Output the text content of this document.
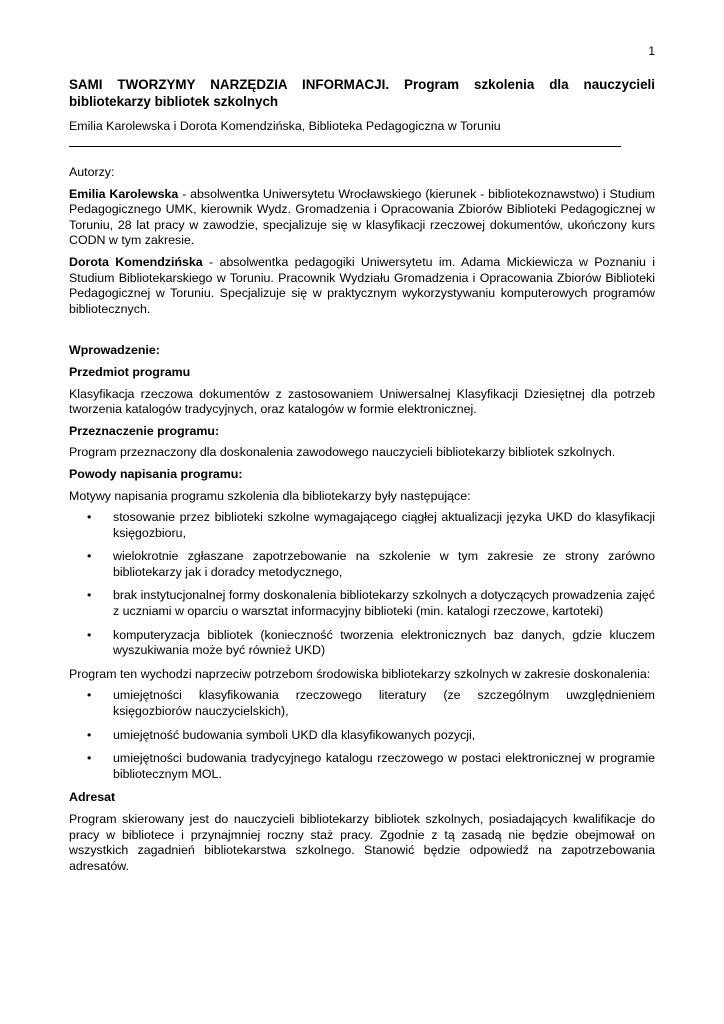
1
SAMI TWORZYMY NARZĘDZIA INFORMACJI. Program szkolenia dla nauczycieli bibliotekarzy bibliotek szkolnych
Emilia Karolewska i Dorota Komendzińska, Biblioteka Pedagogiczna w Toruniu

Autorzy:

Emilia Karolewska - absolwentka Uniwersytetu Wrocławskiego (kierunek - bibliotekoznawstwo) i Studium Pedagogicznego UMK, kierownik Wydz. Gromadzenia i Opracowania Zbiorów Biblioteki Pedagogicznej w Toruniu, 28 lat pracy w zawodzie, specjalizuje się w klasyfikacji rzeczowej dokumentów, ukończony kurs CODN w tym zakresie.

Dorota Komendzińska - absolwentka pedagogiki Uniwersytetu im. Adama Mickiewicza w Poznaniu i Studium Bibliotekarskiego w Toruniu. Pracownik Wydziału Gromadzenia i Opracowania Zbiorów Biblioteki Pedagogicznej w Toruniu. Specjalizuje się w praktycznym wykorzystywaniu komputerowych programów bibliotecznych.

Wprowadzenie:

Przedmiot programu

Klasyfikacja rzeczowa dokumentów z zastosowaniem Uniwersalnej Klasyfikacji Dziesiętnej dla potrzeb tworzenia katalogów tradycyjnych, oraz katalogów w formie elektronicznej.

Przeznaczenie programu:

Program przeznaczony dla doskonalenia zawodowego nauczycieli bibliotekarzy bibliotek szkolnych.

Powody napisania programu:

Motywy napisania programu szkolenia dla bibliotekarzy były następujące:

• stosowanie przez biblioteki szkolne wymagającego ciągłej aktualizacji języka UKD do klasyfikacji księgozbioru,
• wielokrotnie zgłaszane zapotrzebowanie na szkolenie w tym zakresie ze strony zarówno bibliotekarzy jak i doradcy metodycznego,
• brak instytucjonalnej formy doskonalenia bibliotekarzy szkolnych a dotyczących prowadzenia zajęć z uczniami w oparciu o warsztat informacyjny biblioteki (min. katalogi rzeczowe, kartoteki)
• komputeryzacja bibliotek (konieczność tworzenia elektronicznych baz danych, gdzie kluczem wyszukiwania może być również UKD)

Program ten wychodzi naprzeciw potrzebom środowiska bibliotekarzy szkolnych w zakresie doskonalenia:

• umiejętności klasyfikowania rzeczowego literatury (ze szczególnym uwzględnieniem księgozbiorów nauczycielskich),
• umiejętność budowania symboli UKD dla klasyfikowanych pozycji,
• umiejętności budowania tradycyjnego katalogu rzeczowego w postaci elektronicznej w programie bibliotecznym MOL.

Adresat

Program skierowany jest do nauczycieli bibliotekarzy bibliotek szkolnych, posiadających kwalifikacje do pracy w bibliotece i przynajmniej roczny staż pracy. Zgodnie z tą zasadą nie będzie obejmował on wszystkich zagadnień bibliotekarstwa szkolnego. Stanowić będzie odpowiedź na zapotrzebowania adresatów.
